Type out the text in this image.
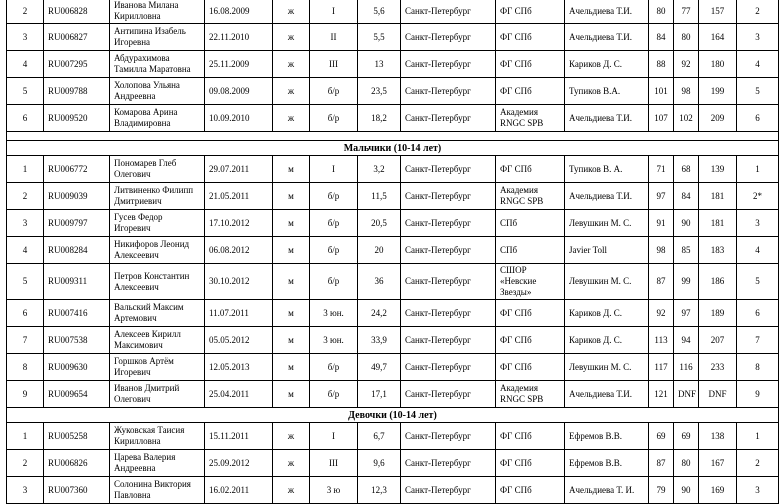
2	RU006828	Иванова Милана Кирилловна	16.08.2009	ж	I	5,6	Санкт-Петербург	ФГ СПб	Ачельдиева Т.И.	80	77	157	2
3	RU006827	Антипина Изабель Игоревна	22.11.2010	ж	II	5,5	Санкт-Петербург	ФГ СПб	Ачельдиева Т.И.	84	80	164	3
4	RU007295	Абдурахимова Тамилла Маратовна	25.11.2009	ж	III	13	Санкт-Петербург	ФГ СПб	Кариков Д. С.	88	92	180	4
5	RU009788	Холопова Ульяна Андреевна	09.08.2009	ж	б/р	23,5	Санкт-Петербург	ФГ СПб	Тупиков В.А.	101	98	199	5
6	RU009520	Комарова Арина Владимировна	10.09.2010	ж	б/р	18,2	Санкт-Петербург	Академия RNGC SPB	Ачельдиева Т.И.	107	102	209	6

Мальчики (10-14 лет)													
1	RU006772	Пономарев Глеб Олегович	29.07.2011	м	I	3,2	Санкт-Петербург	ФГ СПб	Тупиков В. А.	71	68	139	1
2	RU009039	Литвиненко Филипп Дмитриевич	21.05.2011	м	б/р	11,5	Санкт-Петербург	Академия RNGC SPB	Ачельдиева Т.И.	97	84	181	2*
3	RU009797	Гусев Федор Игоревич	17.10.2012	м	б/р	20,5	Санкт-Петербург	СПб	Левушкин М. С.	91	90	181	3
4	RU008284	Никифоров Леонид Алексеевич	06.08.2012	м	б/р	20	Санкт-Петербург	СПб	Javier Toll	98	85	183	4
5	RU009311	Петров Константин Алексеевич	30.10.2012	м	б/р	36	Санкт-Петербург	СШОР «Невские Звезды»	Левушкин М. С.	87	99	186	5
6	RU007416	Вальский Максим Артемович	11.07.2011	м	3 юн.	24,2	Санкт-Петербург	ФГ СПб	Кариков Д. С.	92	97	189	6
7	RU007538	Алексеев Кирилл Максимович	05.05.2012	м	3 юн.	33,9	Санкт-Петербург	ФГ СПб	Кариков Д. С.	113	94	207	7
8	RU009630	Горшков Артём Игоревич	12.05.2013	м	б/р	49,7	Санкт-Петербург	ФГ СПб	Левушкин М. С.	117	116	233	8
9	RU009654	Иванов Дмитрий Олегович	25.04.2011	м	б/р	17,1	Санкт-Петербург	Академия RNGC SPB	Ачельдиева Т.И.	121	DNF	DNF	9
Девочки (10-14 лет)													
1	RU005258	Жуковская Таисия Кирилловна	15.11.2011	ж	I	6,7	Санкт-Петербург	ФГ СПб	Ефремов В.В.	69	69	138	1
2	RU006826	Царева Валерия Андреевна	25.09.2012	ж	III	9,6	Санкт-Петербург	ФГ СПб	Ефремов В.В.	87	80	167	2
3	RU007360	Солонина Виктория Павловна	16.02.2011	ж	3 ю	12,3	Санкт-Петербург	ФГ СПб	Ачельдиева Т. И.	79	90	169	3
